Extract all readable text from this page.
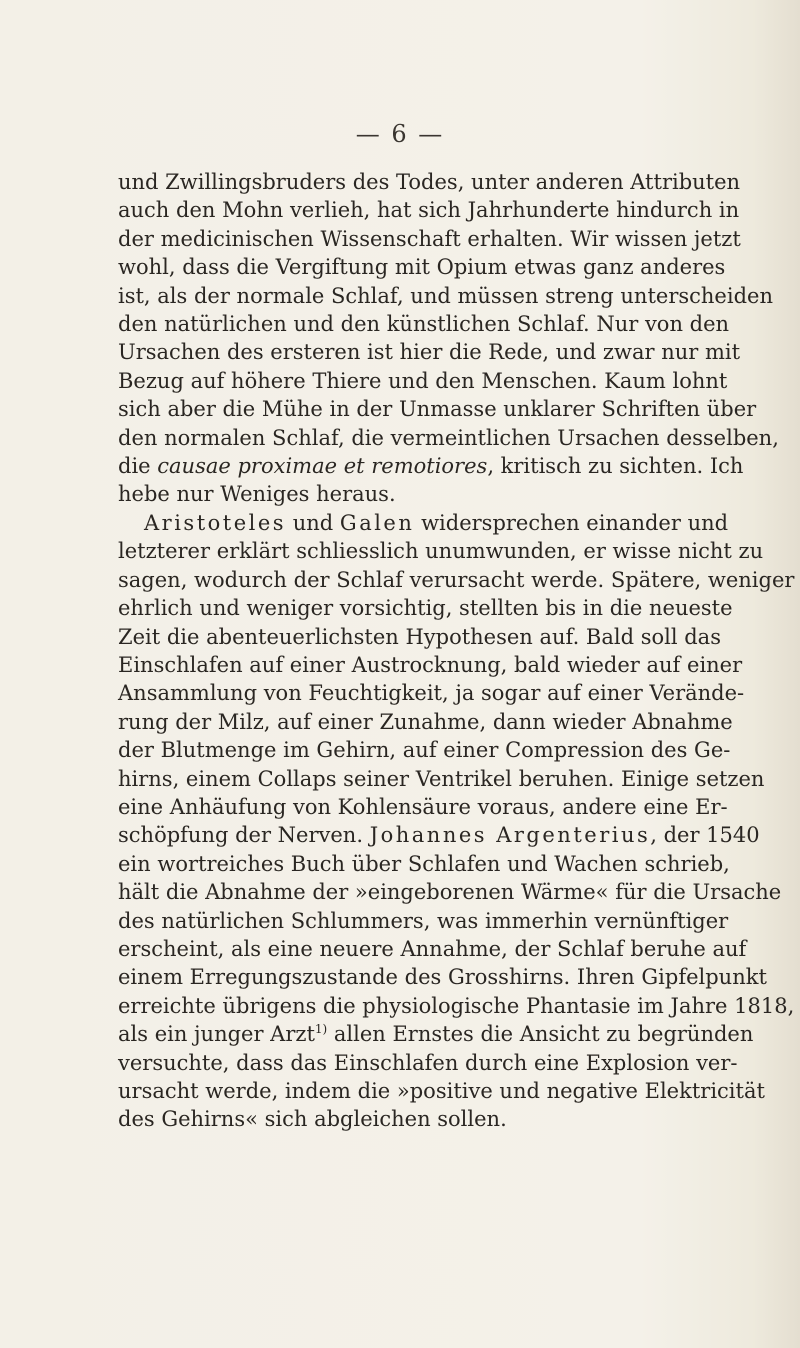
— 6 —
und Zwillingsbruders des Todes, unter anderen Attributen
auch den Mohn verlieh, hat sich Jahrhunderte hindurch in
der medicinischen Wissenschaft erhalten. Wir wissen jetzt
wohl, dass die Vergiftung mit Opium etwas ganz anderes
ist, als der normale Schlaf, und müssen streng unterscheiden
den natürlichen und den künstlichen Schlaf. Nur von den
Ursachen des ersteren ist hier die Rede, und zwar nur mit
Bezug auf höhere Thiere und den Menschen. Kaum lohnt
sich aber die Mühe in der Unmasse unklarer Schriften über
den normalen Schlaf, die vermeintlichen Ursachen desselben,
die causae proximae et remotiores, kritisch zu sichten. Ich
hebe nur Weniges heraus.
Aristoteles und Galen widersprechen einander und
letzterer erklärt schliesslich unumwunden, er wisse nicht zu
sagen, wodurch der Schlaf verursacht werde. Spätere, weniger
ehrlich und weniger vorsichtig, stellten bis in die neueste
Zeit die abenteuerlichsten Hypothesen auf. Bald soll das
Einschlafen auf einer Austrocknung, bald wieder auf einer
Ansammlung von Feuchtigkeit, ja sogar auf einer Verände-
rung der Milz, auf einer Zunahme, dann wieder Abnahme
der Blutmenge im Gehirn, auf einer Compression des Ge-
hirns, einem Collaps seiner Ventrikel beruhen. Einige setzen
eine Anhäufung von Kohlensäure voraus, andere eine Er-
schöpfung der Nerven. Johannes Argenterius, der 1540
ein wortreiches Buch über Schlafen und Wachen schrieb,
hält die Abnahme der »eingeborenen Wärme« für die Ursache
des natürlichen Schlummers, was immerhin vernünftiger
erscheint, als eine neuere Annahme, der Schlaf beruhe auf
einem Erregungszustande des Grosshirns. Ihren Gipfelpunkt
erreichte übrigens die physiologische Phantasie im Jahre 1818,
als ein junger Arzt$^{1)}$ allen Ernstes die Ansicht zu begründen
versuchte, dass das Einschlafen durch eine Explosion ver-
ursacht werde, indem die »positive und negative Elektricität
des Gehirns« sich abgleichen sollen.
